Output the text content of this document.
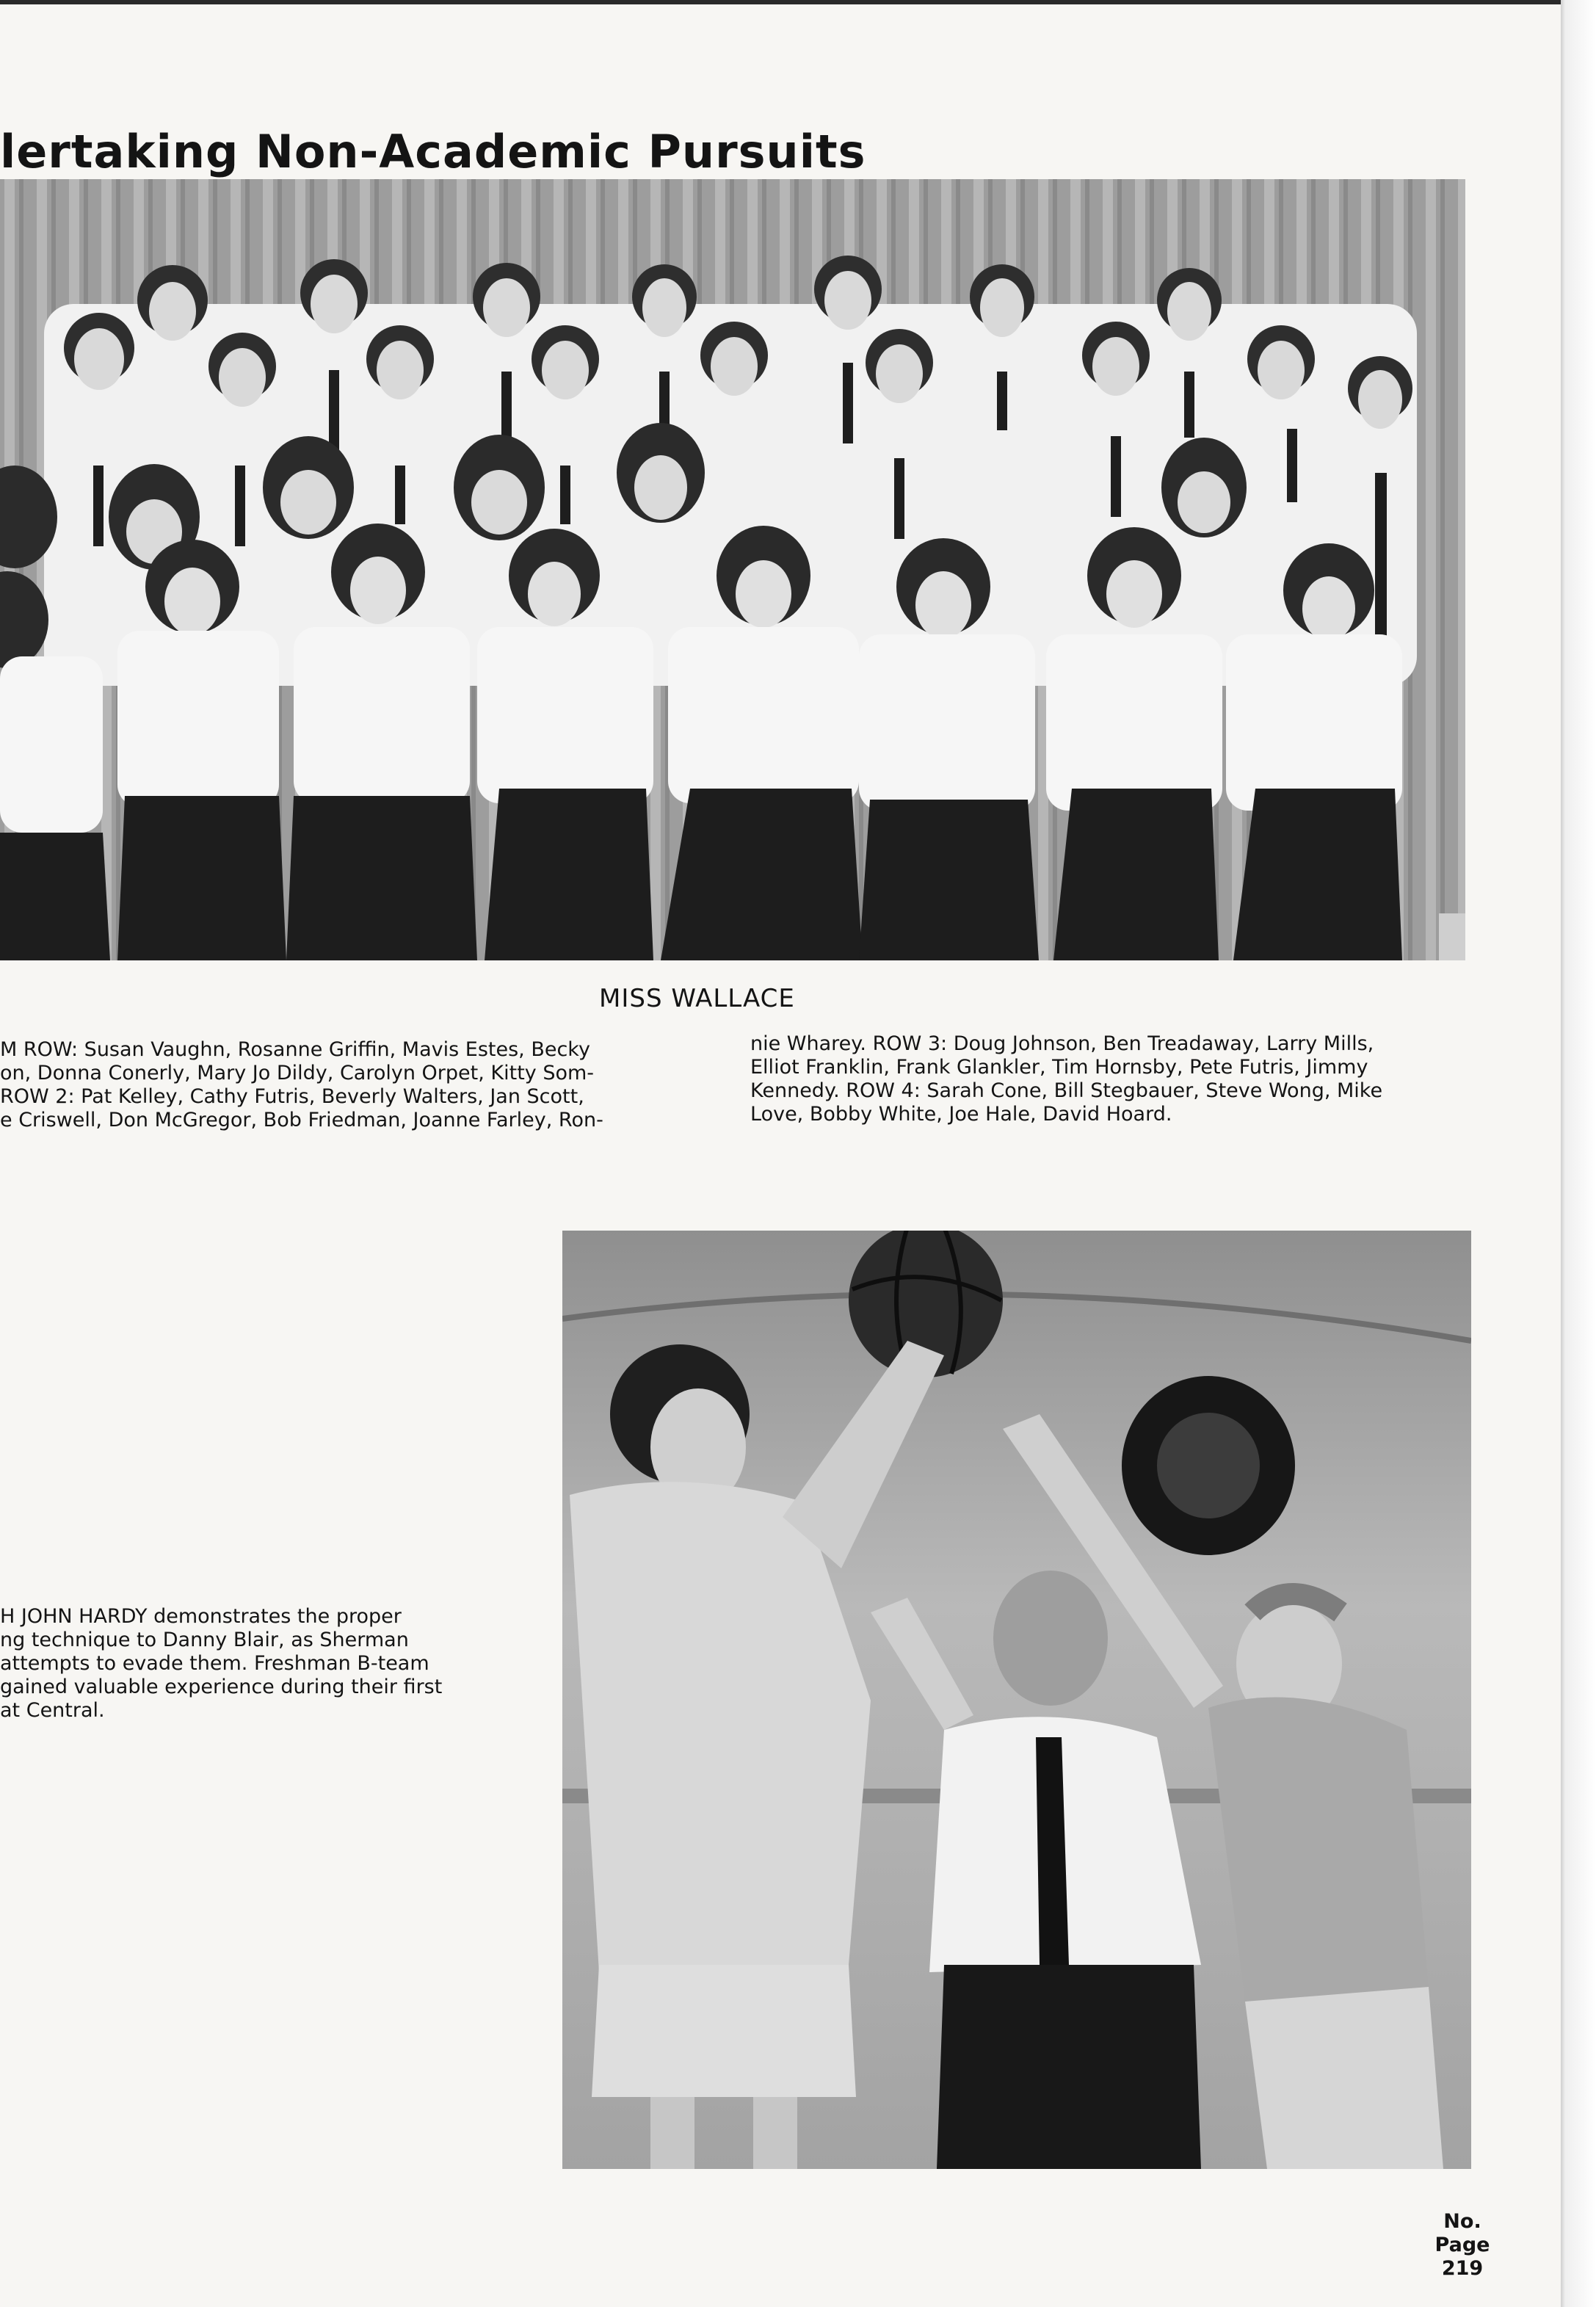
lertaking Non-Academic Pursuits
MISS WALLACE

M ROW: Susan Vaughn, Rosanne Griffin, Mavis Estes, Becky

on, Donna Conerly, Mary Jo Dildy, Carolyn Orpet, Kitty Som-

ROW 2: Pat Kelley, Cathy Futris, Beverly Walters, Jan Scott,

e Criswell, Don McGregor, Bob Friedman, Joanne Farley, Ron-

nie Wharey. ROW 3: Doug Johnson, Ben Treadaway, Larry Mills,

Elliot Franklin, Frank Glankler, Tim Hornsby, Pete Futris, Jimmy

Kennedy. ROW 4: Sarah Cone, Bill Stegbauer, Steve Wong, Mike

Love, Bobby White, Joe Hale, David Hoard.

H JOHN HARDY demonstrates the proper
ng technique to Danny Blair, as Sherman
attempts to evade them. Freshman B-team
gained valuable experience during their first
at Central.
No.
Page
219
